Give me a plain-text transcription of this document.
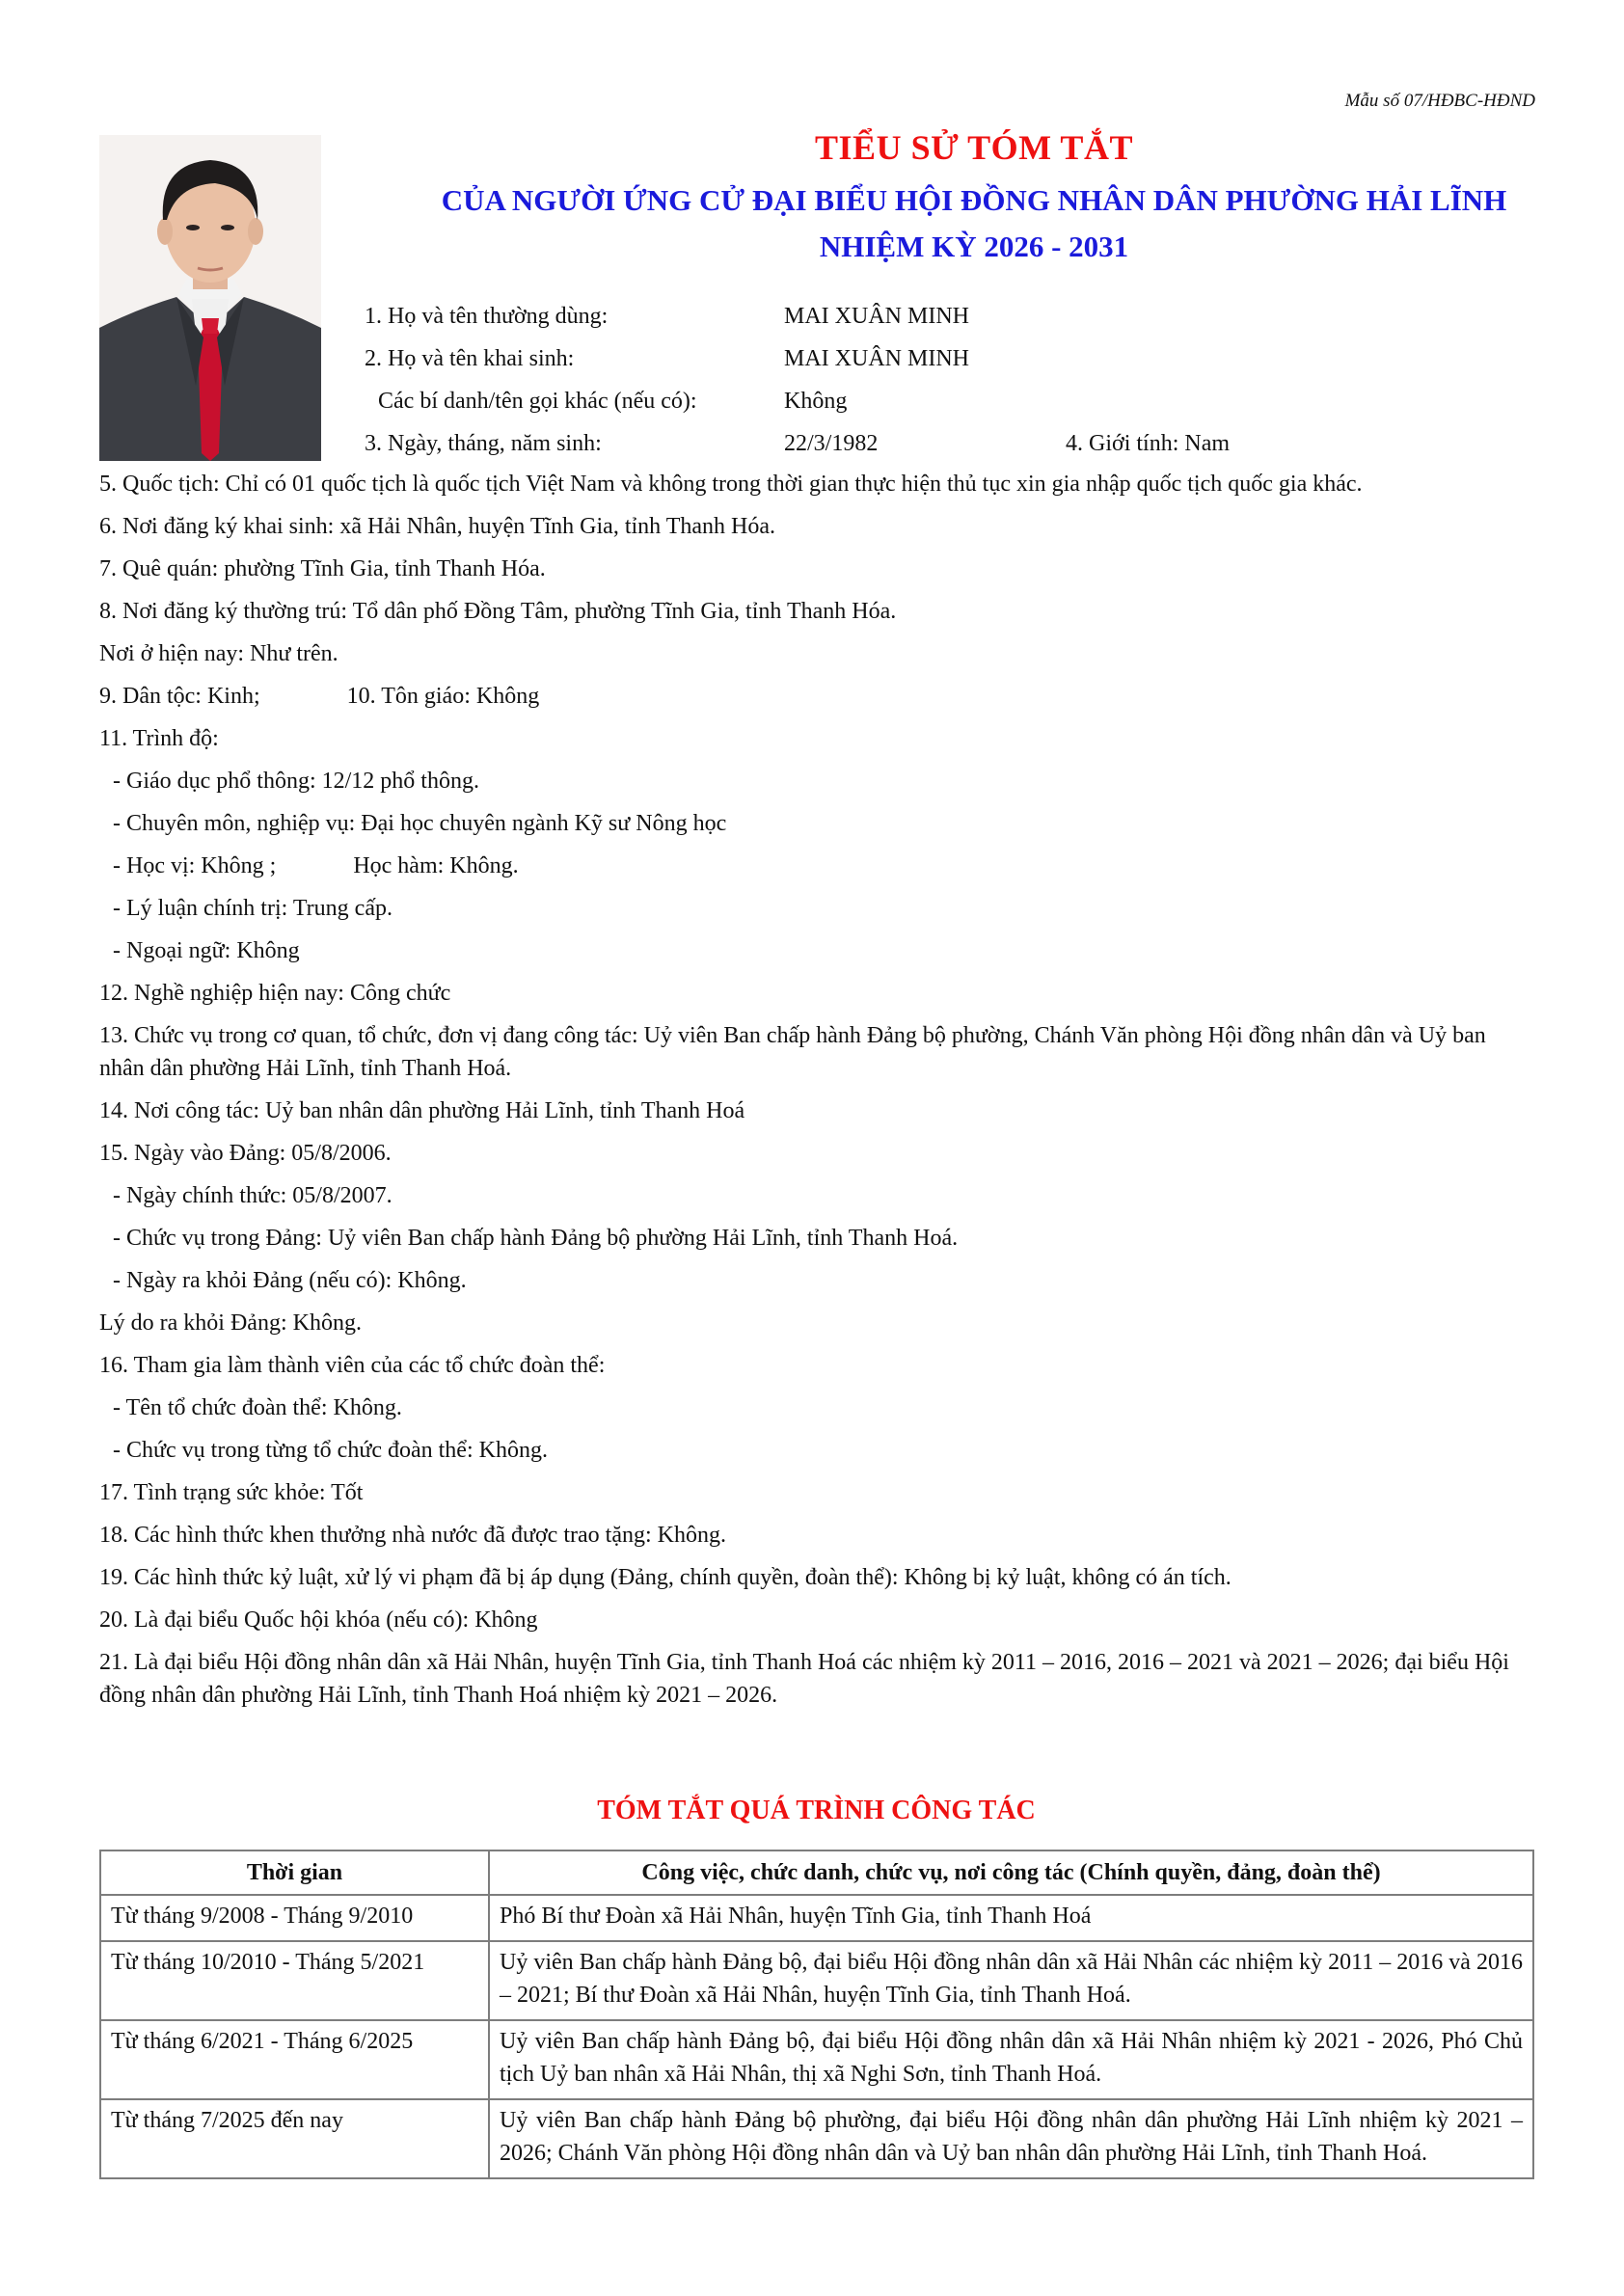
Mẫu số 07/HĐBC-HĐND
TIỂU SỬ TÓM TẮT
CỦA NGƯỜI ỨNG CỬ ĐẠI BIỂU HỘI ĐỒNG NHÂN DÂN PHƯỜNG HẢI LĨNH
NHIỆM KỲ 2026 - 2031
1. Họ và tên thường dùng:	MAI XUÂN MINH
2. Họ và tên khai sinh:	MAI XUÂN MINH
Các bí danh/tên gọi khác (nếu có):	Không
3. Ngày, tháng, năm sinh:	22/3/1982	4. Giới tính: Nam
5. Quốc tịch: Chỉ có 01 quốc tịch là quốc tịch Việt Nam và không trong thời gian thực hiện thủ tục xin gia nhập quốc tịch quốc gia khác.
6. Nơi đăng ký khai sinh: xã Hải Nhân, huyện Tĩnh Gia, tỉnh Thanh Hóa.
7. Quê quán: phường Tĩnh Gia, tỉnh Thanh Hóa.
8. Nơi đăng ký thường trú: Tổ dân phố Đồng Tâm, phường Tĩnh Gia, tỉnh Thanh Hóa.
Nơi ở hiện nay: Như trên.
9. Dân tộc: Kinh;	10. Tôn giáo: Không
11. Trình độ:
- Giáo dục phổ thông: 12/12 phổ thông.
- Chuyên môn, nghiệp vụ: Đại học chuyên ngành Kỹ sư Nông học
- Học vị: Không ;	Học hàm: Không.
- Lý luận chính trị: Trung cấp.
- Ngoại ngữ: Không
12. Nghề nghiệp hiện nay: Công chức
13. Chức vụ trong cơ quan, tổ chức, đơn vị đang công tác: Uỷ viên Ban chấp hành Đảng bộ phường, Chánh Văn phòng Hội đồng nhân dân và Uỷ ban nhân dân phường Hải Lĩnh, tỉnh Thanh Hoá.
14. Nơi công tác: Uỷ ban nhân dân phường Hải Lĩnh, tỉnh Thanh Hoá
15. Ngày vào Đảng: 05/8/2006.
- Ngày chính thức: 05/8/2007.
- Chức vụ trong Đảng: Uỷ viên Ban chấp hành Đảng bộ phường Hải Lĩnh, tỉnh Thanh Hoá.
- Ngày ra khỏi Đảng (nếu có): Không.
Lý do ra khỏi Đảng: Không.
16. Tham gia làm thành viên của các tổ chức đoàn thể:
- Tên tổ chức đoàn thể: Không.
- Chức vụ trong từng tổ chức đoàn thể: Không.
17. Tình trạng sức khỏe: Tốt
18. Các hình thức khen thưởng nhà nước đã được trao tặng: Không.
19. Các hình thức kỷ luật, xử lý vi phạm đã bị áp dụng (Đảng, chính quyền, đoàn thể): Không bị kỷ luật, không có án tích.
20. Là đại biểu Quốc hội khóa (nếu có): Không
21. Là đại biểu Hội đồng nhân dân xã Hải Nhân, huyện Tĩnh Gia, tỉnh Thanh Hoá các nhiệm kỳ 2011 – 2016, 2016 – 2021 và 2021 – 2026; đại biểu Hội đồng nhân dân phường Hải Lĩnh, tỉnh Thanh Hoá nhiệm kỳ 2021 – 2026.
TÓM TẮT QUÁ TRÌNH CÔNG TÁC
Thời gian	Công việc, chức danh, chức vụ, nơi công tác (Chính quyền, đảng, đoàn thể)
Từ tháng 9/2008 - Tháng 9/2010	Phó Bí thư Đoàn xã Hải Nhân, huyện Tĩnh Gia, tỉnh Thanh Hoá
Từ tháng 10/2010 - Tháng 5/2021	Uỷ viên Ban chấp hành Đảng bộ, đại biểu Hội đồng nhân dân xã Hải Nhân các nhiệm kỳ 2011 – 2016 và 2016 – 2021; Bí thư Đoàn xã Hải Nhân, huyện Tĩnh Gia, tỉnh Thanh Hoá.
Từ tháng 6/2021 - Tháng 6/2025	Uỷ viên Ban chấp hành Đảng bộ, đại biểu Hội đồng nhân dân xã Hải Nhân nhiệm kỳ 2021 - 2026, Phó Chủ tịch Uỷ ban nhân xã Hải Nhân, thị xã Nghi Sơn, tỉnh Thanh Hoá.
Từ tháng 7/2025 đến nay	Uỷ viên Ban chấp hành Đảng bộ phường, đại biểu Hội đồng nhân dân phường Hải Lĩnh nhiệm kỳ 2021 – 2026; Chánh Văn phòng Hội đồng nhân dân và Uỷ ban nhân dân phường Hải Lĩnh, tỉnh Thanh Hoá.
